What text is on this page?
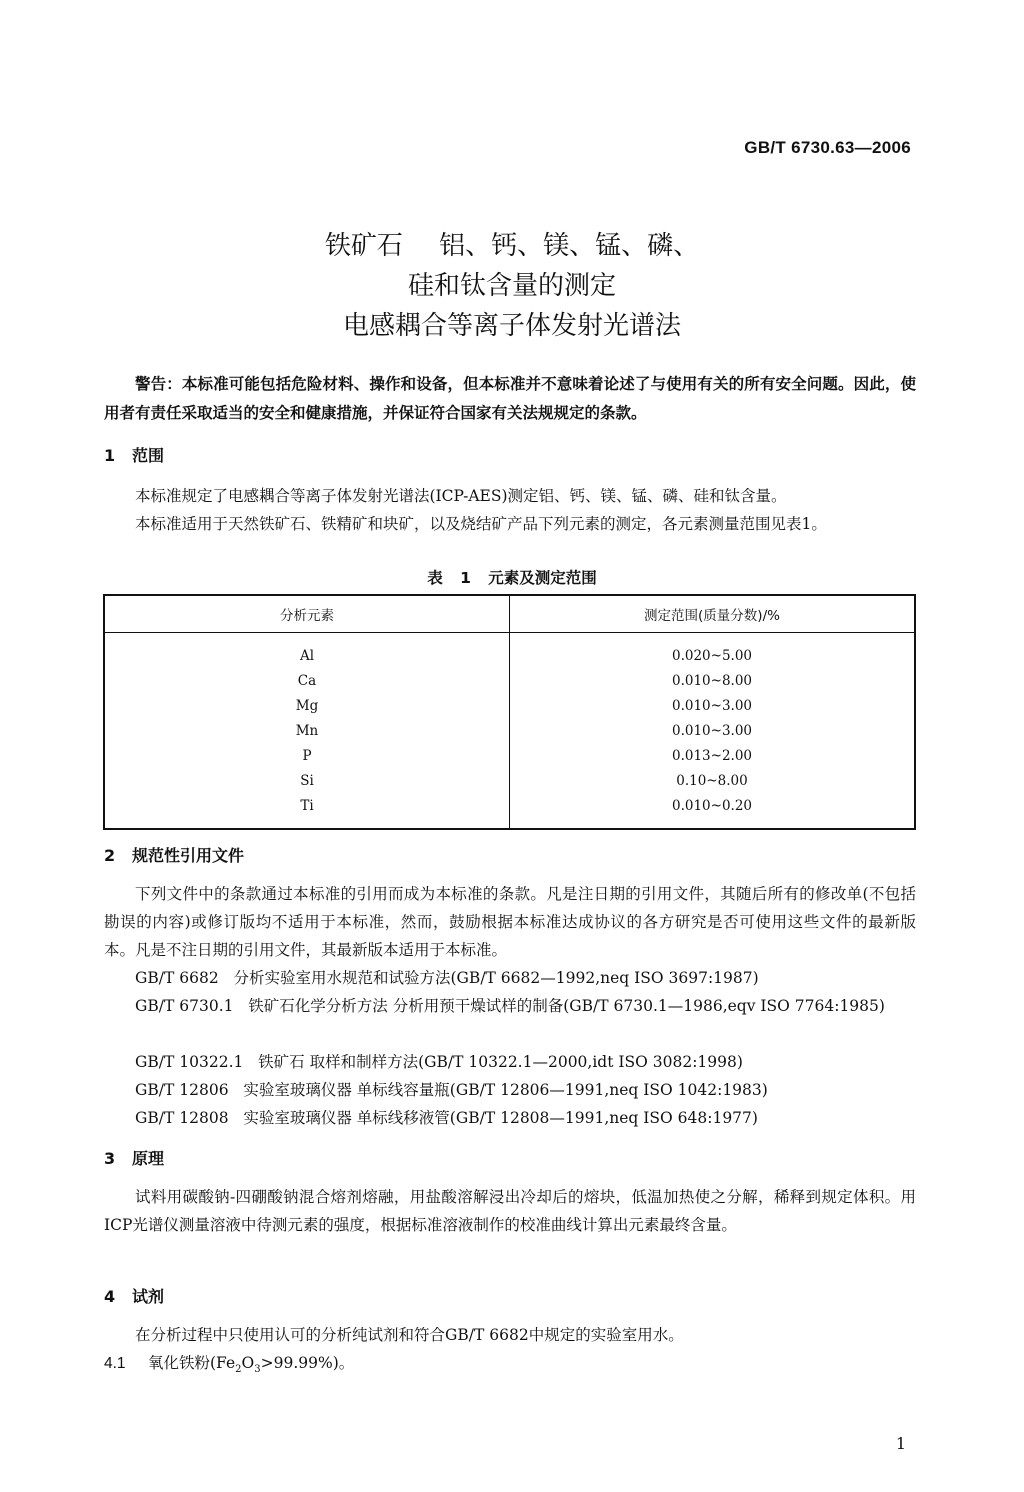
GB/T 6730.63—2006
铁矿石 铝、钙、镁、锰、磷、
硅和钛含量的测定
电感耦合等离子体发射光谱法
警告：本标准可能包括危险材料、操作和设备，但本标准并不意味着论述了与使用有关的所有安全问题。因此，使用者有责任采取适当的安全和健康措施，并保证符合国家有关法规规定的条款。
1 范围
本标准规定了电感耦合等离子体发射光谱法(ICP-AES)测定铝、钙、镁、锰、磷、硅和钛含量。
本标准适用于天然铁矿石、铁精矿和块矿，以及烧结矿产品下列元素的测定，各元素测量范围见表1。
表 1 元素及测定范围
分析元素	测定范围(质量分数)/%
Al	0.020~5.00
Ca	0.010~8.00
Mg	0.010~3.00
Mn	0.010~3.00
P	0.013~2.00
Si	0.10~8.00
Ti	0.010~0.20
2 规范性引用文件
下列文件中的条款通过本标准的引用而成为本标准的条款。凡是注日期的引用文件，其随后所有的修改单(不包括勘误的内容)或修订版均不适用于本标准，然而，鼓励根据本标准达成协议的各方研究是否可使用这些文件的最新版本。凡是不注日期的引用文件，其最新版本适用于本标准。
GB/T 6682 分析实验室用水规范和试验方法(GB/T 6682—1992,neq ISO 3697:1987)
GB/T 6730.1 铁矿石化学分析方法 分析用预干燥试样的制备(GB/T 6730.1—1986,eqv ISO 7764:1985)
GB/T 10322.1 铁矿石 取样和制样方法(GB/T 10322.1—2000,idt ISO 3082:1998)
GB/T 12806 实验室玻璃仪器 单标线容量瓶(GB/T 12806—1991,neq ISO 1042:1983)
GB/T 12808 实验室玻璃仪器 单标线移液管(GB/T 12808—1991,neq ISO 648:1977)
3 原理
试料用碳酸钠-四硼酸钠混合熔剂熔融，用盐酸溶解浸出冷却后的熔块，低温加热使之分解，稀释到规定体积。用ICP光谱仪测量溶液中待测元素的强度，根据标准溶液制作的校准曲线计算出元素最终含量。
4 试剂
在分析过程中只使用认可的分析纯试剂和符合GB/T 6682中规定的实验室用水。
4.1 氧化铁粉$(Fe_2O_3>99.99\%)$。
1
